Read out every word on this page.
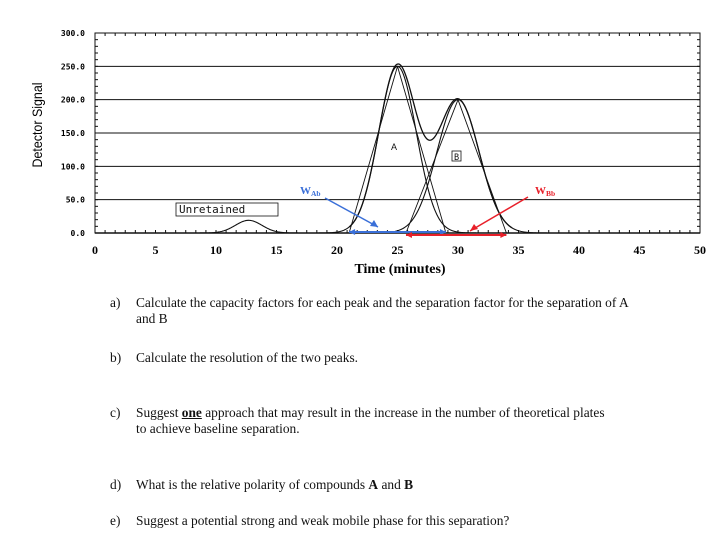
0.0
50.0
100.0
150.0
200.0
250.0
300.0
0	5	10	15	20	25	30	35	40	45	50
W Ab	W Bb
A
B
Unretained
Time (minutes)
Detector Signal
a) Calculate the capacity factors for each peak and the separation factor for the separation of A
and B
b) Calculate the resolution of the two peaks.
c) Suggest one approach that may result in the increase in the number of theoretical plates
to achieve baseline separation.
d) What is the relative polarity of compounds A and B
e) Suggest a potential strong and weak mobile phase for this separation?
